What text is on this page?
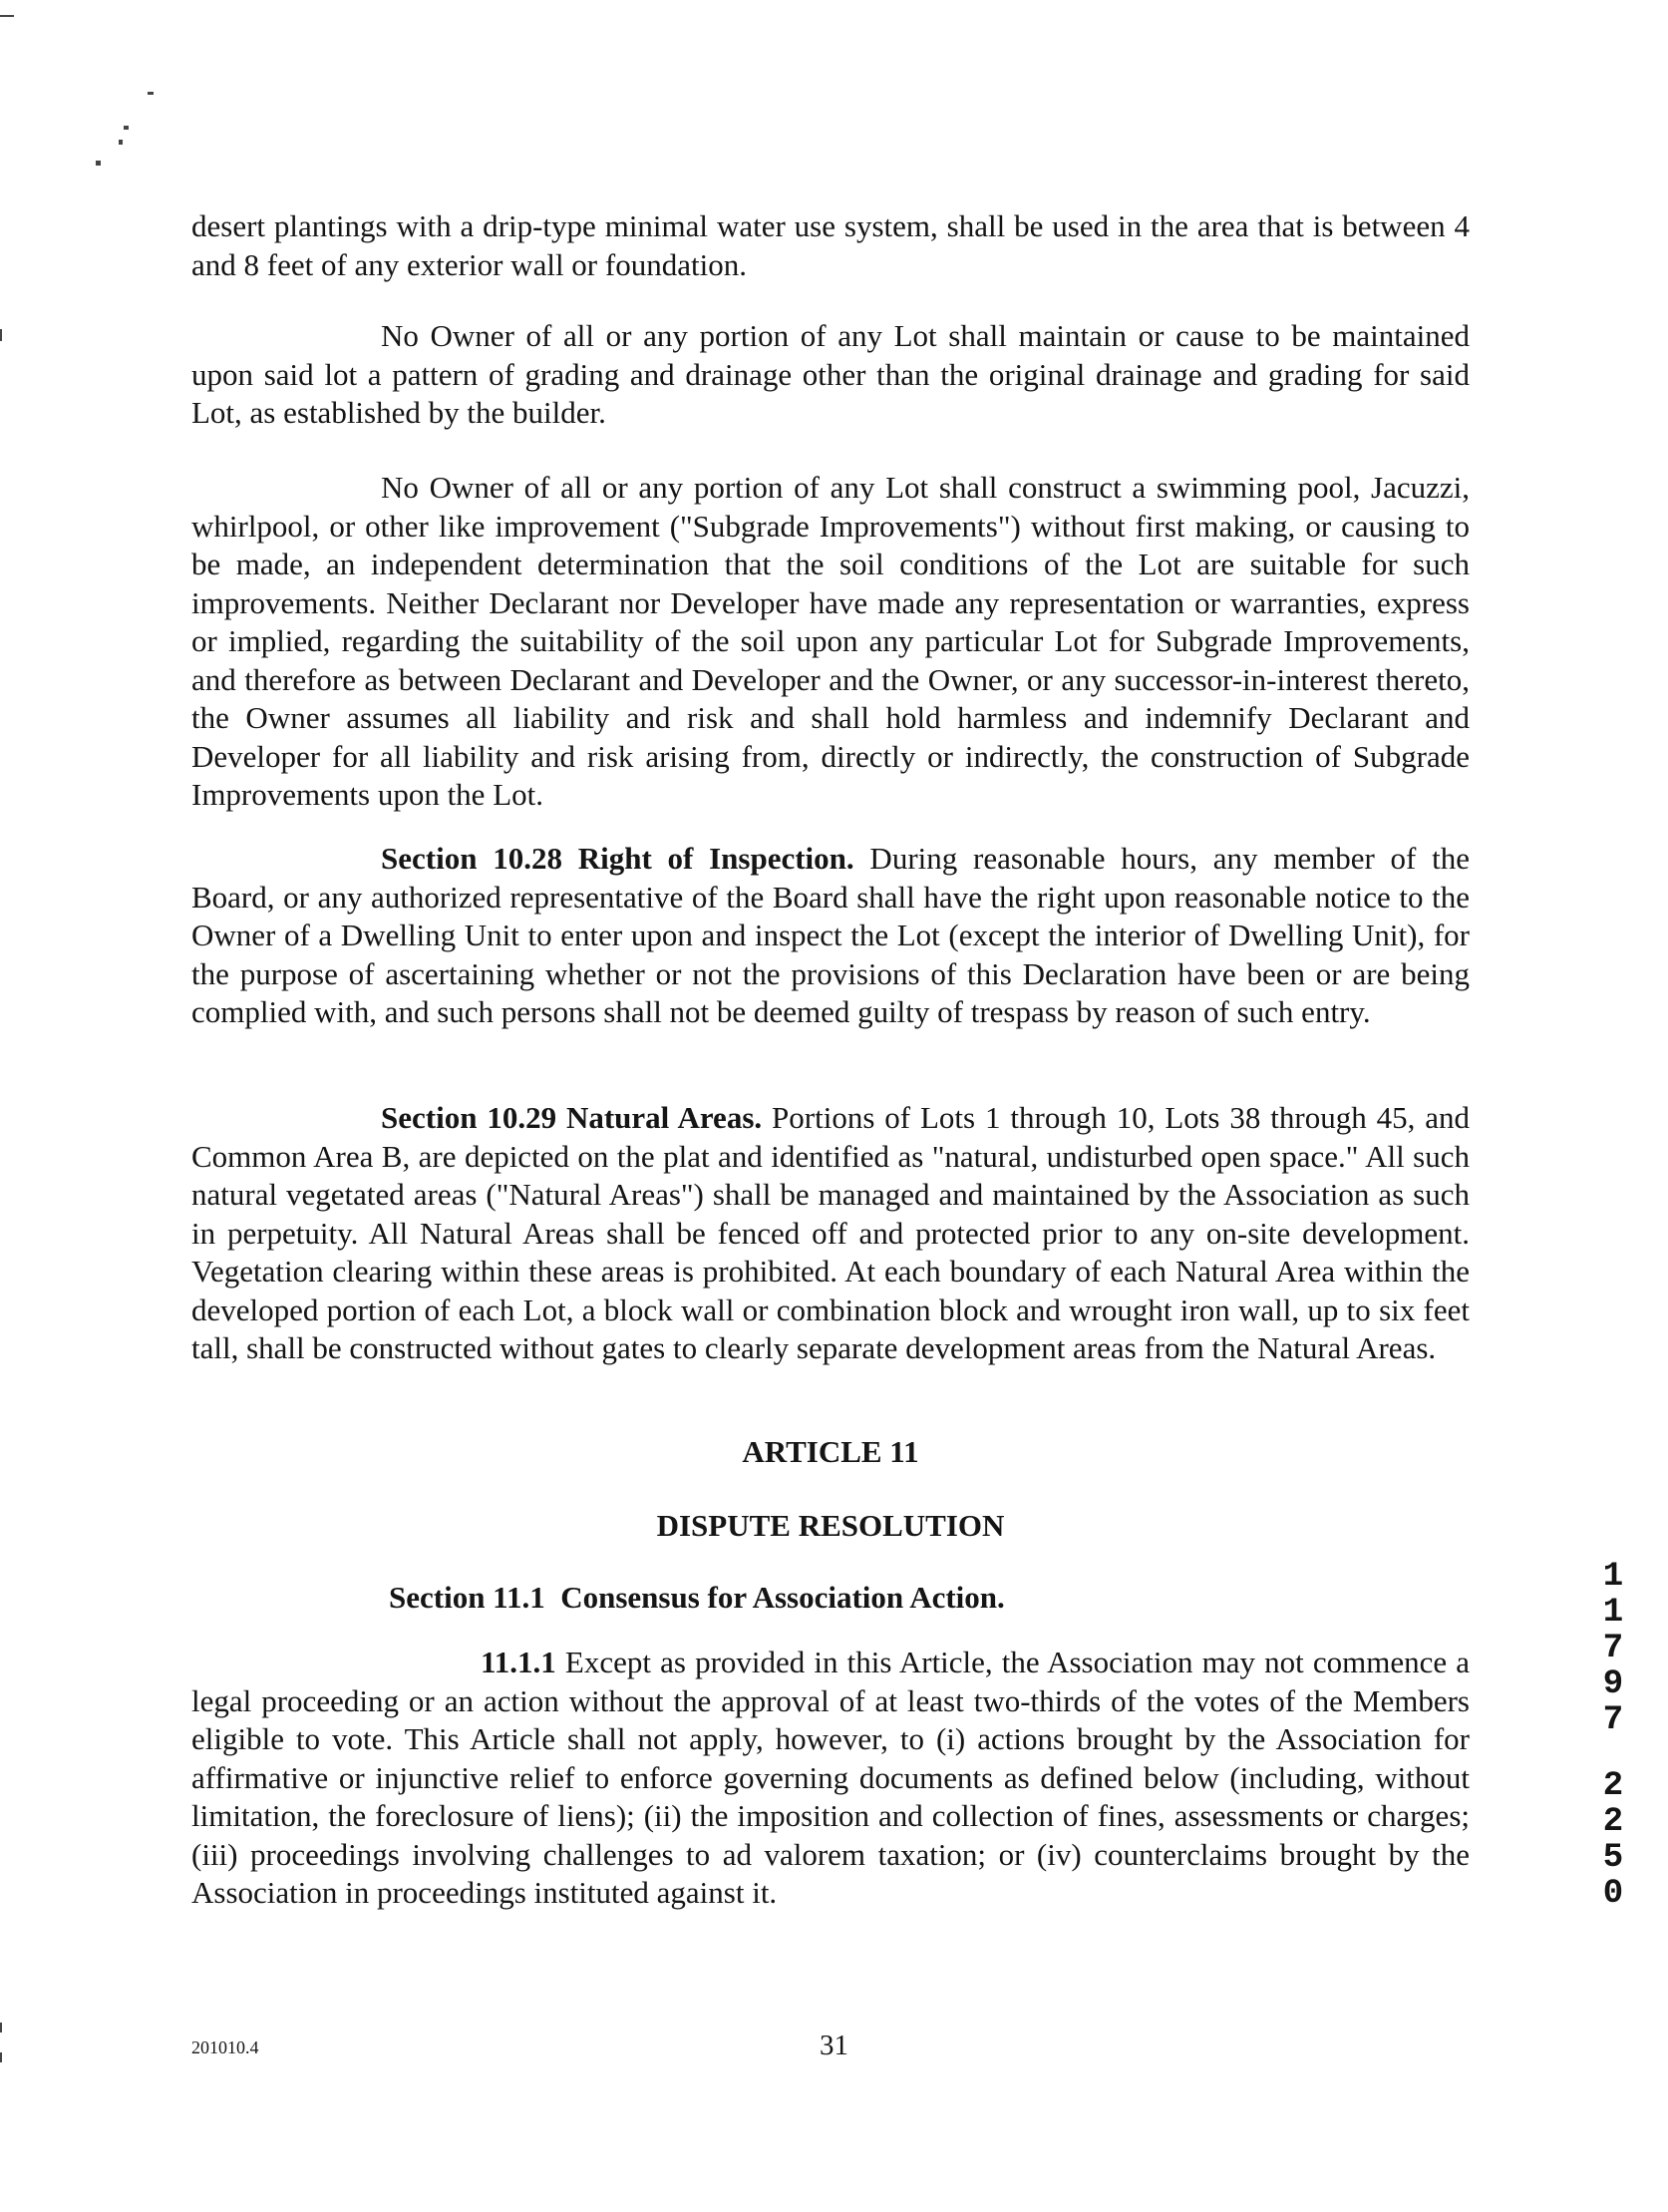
desert plantings with a drip-type minimal water use system, shall be used in the area that is between 4 and 8 feet of any exterior wall or foundation.

No Owner of all or any portion of any Lot shall maintain or cause to be maintained upon said lot a pattern of grading and drainage other than the original drainage and grading for said Lot, as established by the builder.

No Owner of all or any portion of any Lot shall construct a swimming pool, Jacuzzi, whirlpool, or other like improvement ("Subgrade Improvements") without first making, or causing to be made, an independent determination that the soil conditions of the Lot are suitable for such improvements. Neither Declarant nor Developer have made any representation or warranties, express or implied, regarding the suitability of the soil upon any particular Lot for Subgrade Improvements, and therefore as between Declarant and Developer and the Owner, or any successor-in-interest thereto, the Owner assumes all liability and risk and shall hold harmless and indemnify Declarant and Developer for all liability and risk arising from, directly or indirectly, the construction of Subgrade Improvements upon the Lot.

Section 10.28 Right of Inspection. During reasonable hours, any member of the Board, or any authorized representative of the Board shall have the right upon reasonable notice to the Owner of a Dwelling Unit to enter upon and inspect the Lot (except the interior of Dwelling Unit), for the purpose of ascertaining whether or not the provisions of this Declaration have been or are being complied with, and such persons shall not be deemed guilty of trespass by reason of such entry.

Section 10.29 Natural Areas. Portions of Lots 1 through 10, Lots 38 through 45, and Common Area B, are depicted on the plat and identified as "natural, undisturbed open space." All such natural vegetated areas ("Natural Areas") shall be managed and maintained by the Association as such in perpetuity. All Natural Areas shall be fenced off and protected prior to any on-site development. Vegetation clearing within these areas is prohibited. At each boundary of each Natural Area within the developed portion of each Lot, a block wall or combination block and wrought iron wall, up to six feet tall, shall be constructed without gates to clearly separate development areas from the Natural Areas.

ARTICLE 11
DISPUTE RESOLUTION
Section 11.1  Consensus for Association Action.

11.1.1 Except as provided in this Article, the Association may not commence a legal proceeding or an action without the approval of at least two-thirds of the votes of the Members eligible to vote. This Article shall not apply, however, to (i) actions brought by the Association for affirmative or injunctive relief to enforce governing documents as defined below (including, without limitation, the foreclosure of liens); (ii) the imposition and collection of fines, assessments or charges; (iii) proceedings involving challenges to ad valorem taxation; or (iv) counterclaims brought by the Association in proceedings instituted against it.

1
1
7
9
7
2
2
5
0
201010.4	31
